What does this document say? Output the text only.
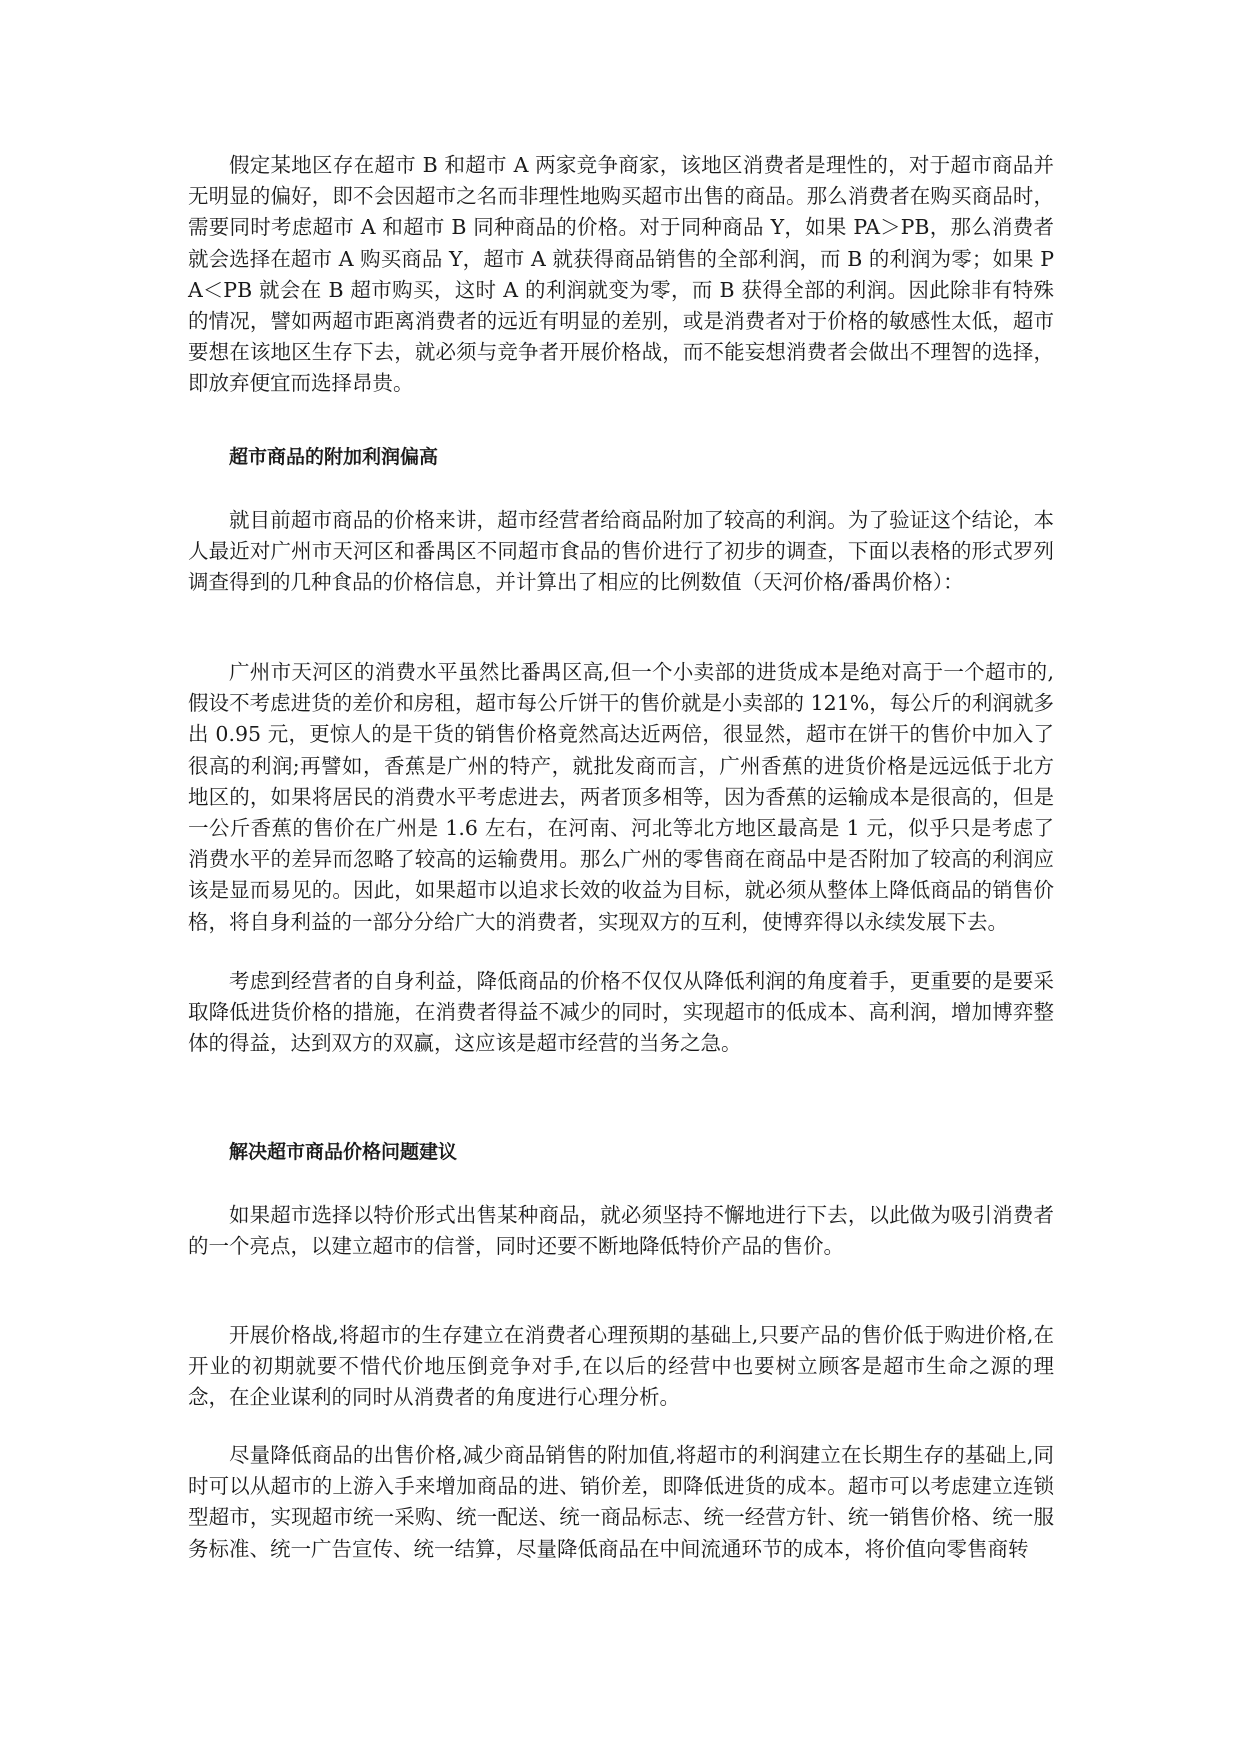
假定某地区存在超市 B 和超市 A 两家竞争商家，该地区消费者是理性的，对于超市商品并无明显的偏好，即不会因超市之名而非理性地购买超市出售的商品。那么消费者在购买商品时，需要同时考虑超市 A 和超市 B 同种商品的价格。对于同种商品 Y，如果 PA＞PB，那么消费者就会选择在超市 A 购买商品 Y，超市 A 就获得商品销售的全部利润，而 B 的利润为零；如果 PA＜PB 就会在 B 超市购买，这时 A 的利润就变为零，而 B 获得全部的利润。因此除非有特殊的情况，譬如两超市距离消费者的远近有明显的差别，或是消费者对于价格的敏感性太低，超市要想在该地区生存下去，就必须与竞争者开展价格战，而不能妄想消费者会做出不理智的选择，即放弃便宜而选择昂贵。

超市商品的附加利润偏高

就目前超市商品的价格来讲，超市经营者给商品附加了较高的利润。为了验证这个结论，本人最近对广州市天河区和番禺区不同超市食品的售价进行了初步的调查，下面以表格的形式罗列调查得到的几种食品的价格信息，并计算出了相应的比例数值（天河价格/番禺价格）：

广州市天河区的消费水平虽然比番禺区高,但一个小卖部的进货成本是绝对高于一个超市的,假设不考虑进货的差价和房租，超市每公斤饼干的售价就是小卖部的 121%，每公斤的利润就多出 0.95 元，更惊人的是干货的销售价格竟然高达近两倍，很显然，超市在饼干的售价中加入了很高的利润;再譬如，香蕉是广州的特产，就批发商而言，广州香蕉的进货价格是远远低于北方地区的，如果将居民的消费水平考虑进去，两者顶多相等，因为香蕉的运输成本是很高的，但是一公斤香蕉的售价在广州是 1.6 左右，在河南、河北等北方地区最高是 1 元，似乎只是考虑了消费水平的差异而忽略了较高的运输费用。那么广州的零售商在商品中是否附加了较高的利润应该是显而易见的。因此，如果超市以追求长效的收益为目标，就必须从整体上降低商品的销售价格，将自身利益的一部分分给广大的消费者，实现双方的互利，使博弈得以永续发展下去。

考虑到经营者的自身利益，降低商品的价格不仅仅从降低利润的角度着手，更重要的是要采取降低进货价格的措施，在消费者得益不减少的同时，实现超市的低成本、高利润，增加博弈整体的得益，达到双方的双赢，这应该是超市经营的当务之急。

解决超市商品价格问题建议

如果超市选择以特价形式出售某种商品，就必须坚持不懈地进行下去，以此做为吸引消费者的一个亮点，以建立超市的信誉，同时还要不断地降低特价产品的售价。

开展价格战,将超市的生存建立在消费者心理预期的基础上,只要产品的售价低于购进价格,在开业的初期就要不惜代价地压倒竞争对手,在以后的经营中也要树立顾客是超市生命之源的理念，在企业谋利的同时从消费者的角度进行心理分析。

尽量降低商品的出售价格,减少商品销售的附加值,将超市的利润建立在长期生存的基础上,同时可以从超市的上游入手来增加商品的进、销价差，即降低进货的成本。超市可以考虑建立连锁型超市，实现超市统一采购、统一配送、统一商品标志、统一经营方针、统一销售价格、统一服务标准、统一广告宣传、统一结算，尽量降低商品在中间流通环节的成本，将价值向零售商转
